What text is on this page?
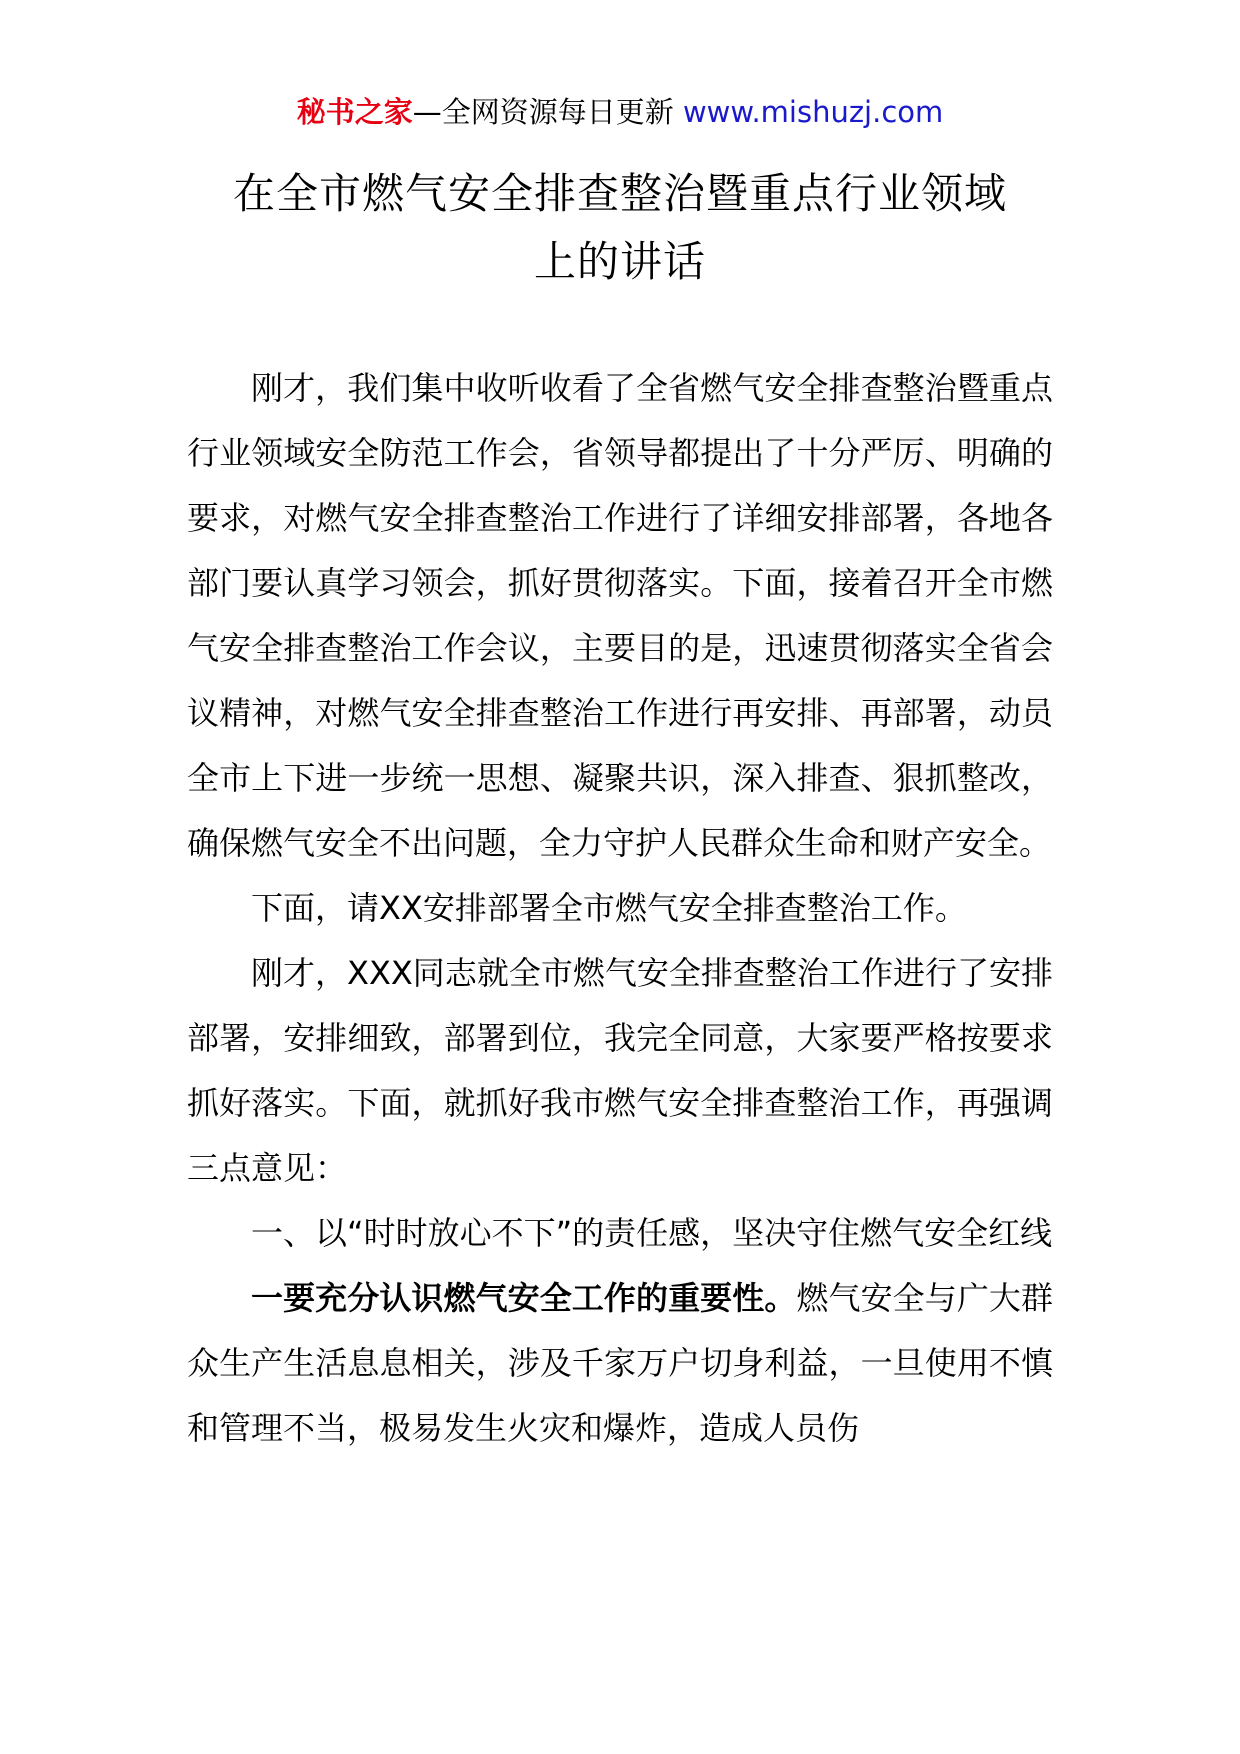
秘书之家—全网资源每日更新 www.mishuzj.com
在全市燃气安全排查整治暨重点行业领域
上的讲话

刚才，我们集中收听收看了全省燃气安全排查整治暨重点行业领域安全防范工作会，省领导都提出了十分严厉、明确的要求，对燃气安全排查整治工作进行了详细安排部署，各地各部门要认真学习领会，抓好贯彻落实。下面，接着召开全市燃气安全排查整治工作会议，主要目的是，迅速贯彻落实全省会议精神，对燃气安全排查整治工作进行再安排、再部署，动员全市上下进一步统一思想、凝聚共识，深入排查、狠抓整改，确保燃气安全不出问题，全力守护人民群众生命和财产安全。

下面，请XX安排部署全市燃气安全排查整治工作。

刚才，XXX同志就全市燃气安全排查整治工作进行了安排部署，安排细致，部署到位，我完全同意，大家要严格按要求抓好落实。下面，就抓好我市燃气安全排查整治工作，再强调三点意见：

一、以“时时放心不下”的责任感，坚决守住燃气安全红线

一要充分认识燃气安全工作的重要性。燃气安全与广大群众生产生活息息相关，涉及千家万户切身利益，一旦使用不慎和管理不当，极易发生火灾和爆炸，造成人员伤
